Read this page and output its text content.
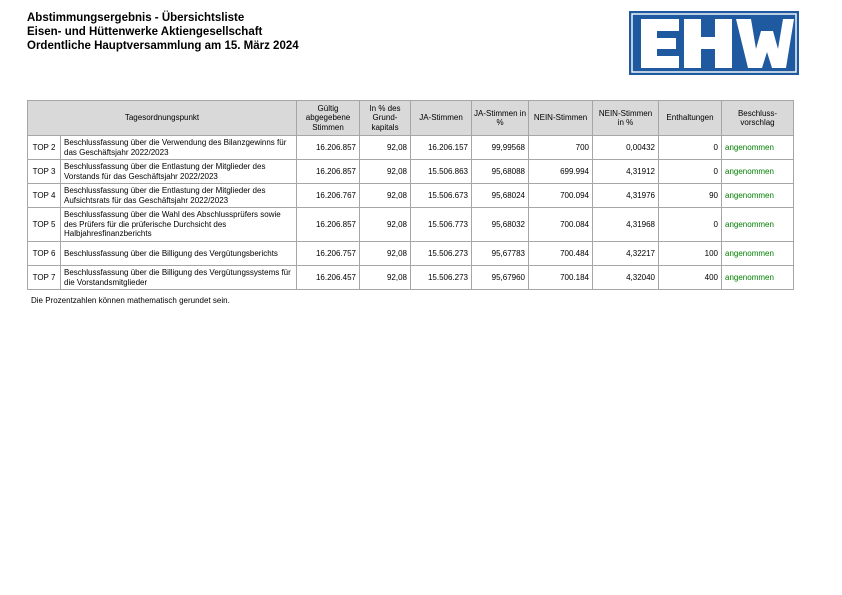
Abstimmungsergebnis - Übersichtsliste
Eisen- und Hüttenwerke Aktiengesellschaft
Ordentliche Hauptversammlung am 15. März 2024
Tagesordnungspunkt		Gültig abgegebene Stimmen	In % des Grund-kapitals	JA-Stimmen	JA-Stimmen in %	NEIN-Stimmen	NEIN-Stimmen in %	Enthaltungen	Beschluss-vorschlag
TOP 2	Beschlussfassung über die Verwendung des Bilanzgewinns für das Geschäftsjahr 2022/2023	16.206.857	92,08	16.206.157	99,99568	700	0,00432	0	angenommen
TOP 3	Beschlussfassung über die Entlastung der Mitglieder des Vorstands für das Geschäftsjahr 2022/2023	16.206.857	92,08	15.506.863	95,68088	699.994	4,31912	0	angenommen
TOP 4	Beschlussfassung über die Entlastung der Mitglieder des Aufsichtsrats für das Geschäftsjahr 2022/2023	16.206.767	92,08	15.506.673	95,68024	700.094	4,31976	90	angenommen
TOP 5	Beschlussfassung über die Wahl des Abschlussprüfers sowie des Prüfers für die prüferische Durchsicht des Halbjahresfinanzberichts	16.206.857	92,08	15.506.773	95,68032	700.084	4,31968	0	angenommen
TOP 6	Beschlussfassung über die Billigung des Vergütungsberichts	16.206.757	92,08	15.506.273	95,67783	700.484	4,32217	100	angenommen
TOP 7	Beschlussfassung über die Billigung des Vergütungssystems für die Vorstandsmitglieder	16.206.457	92,08	15.506.273	95,67960	700.184	4,32040	400	angenommen
Die Prozentzahlen können mathematisch gerundet sein.
